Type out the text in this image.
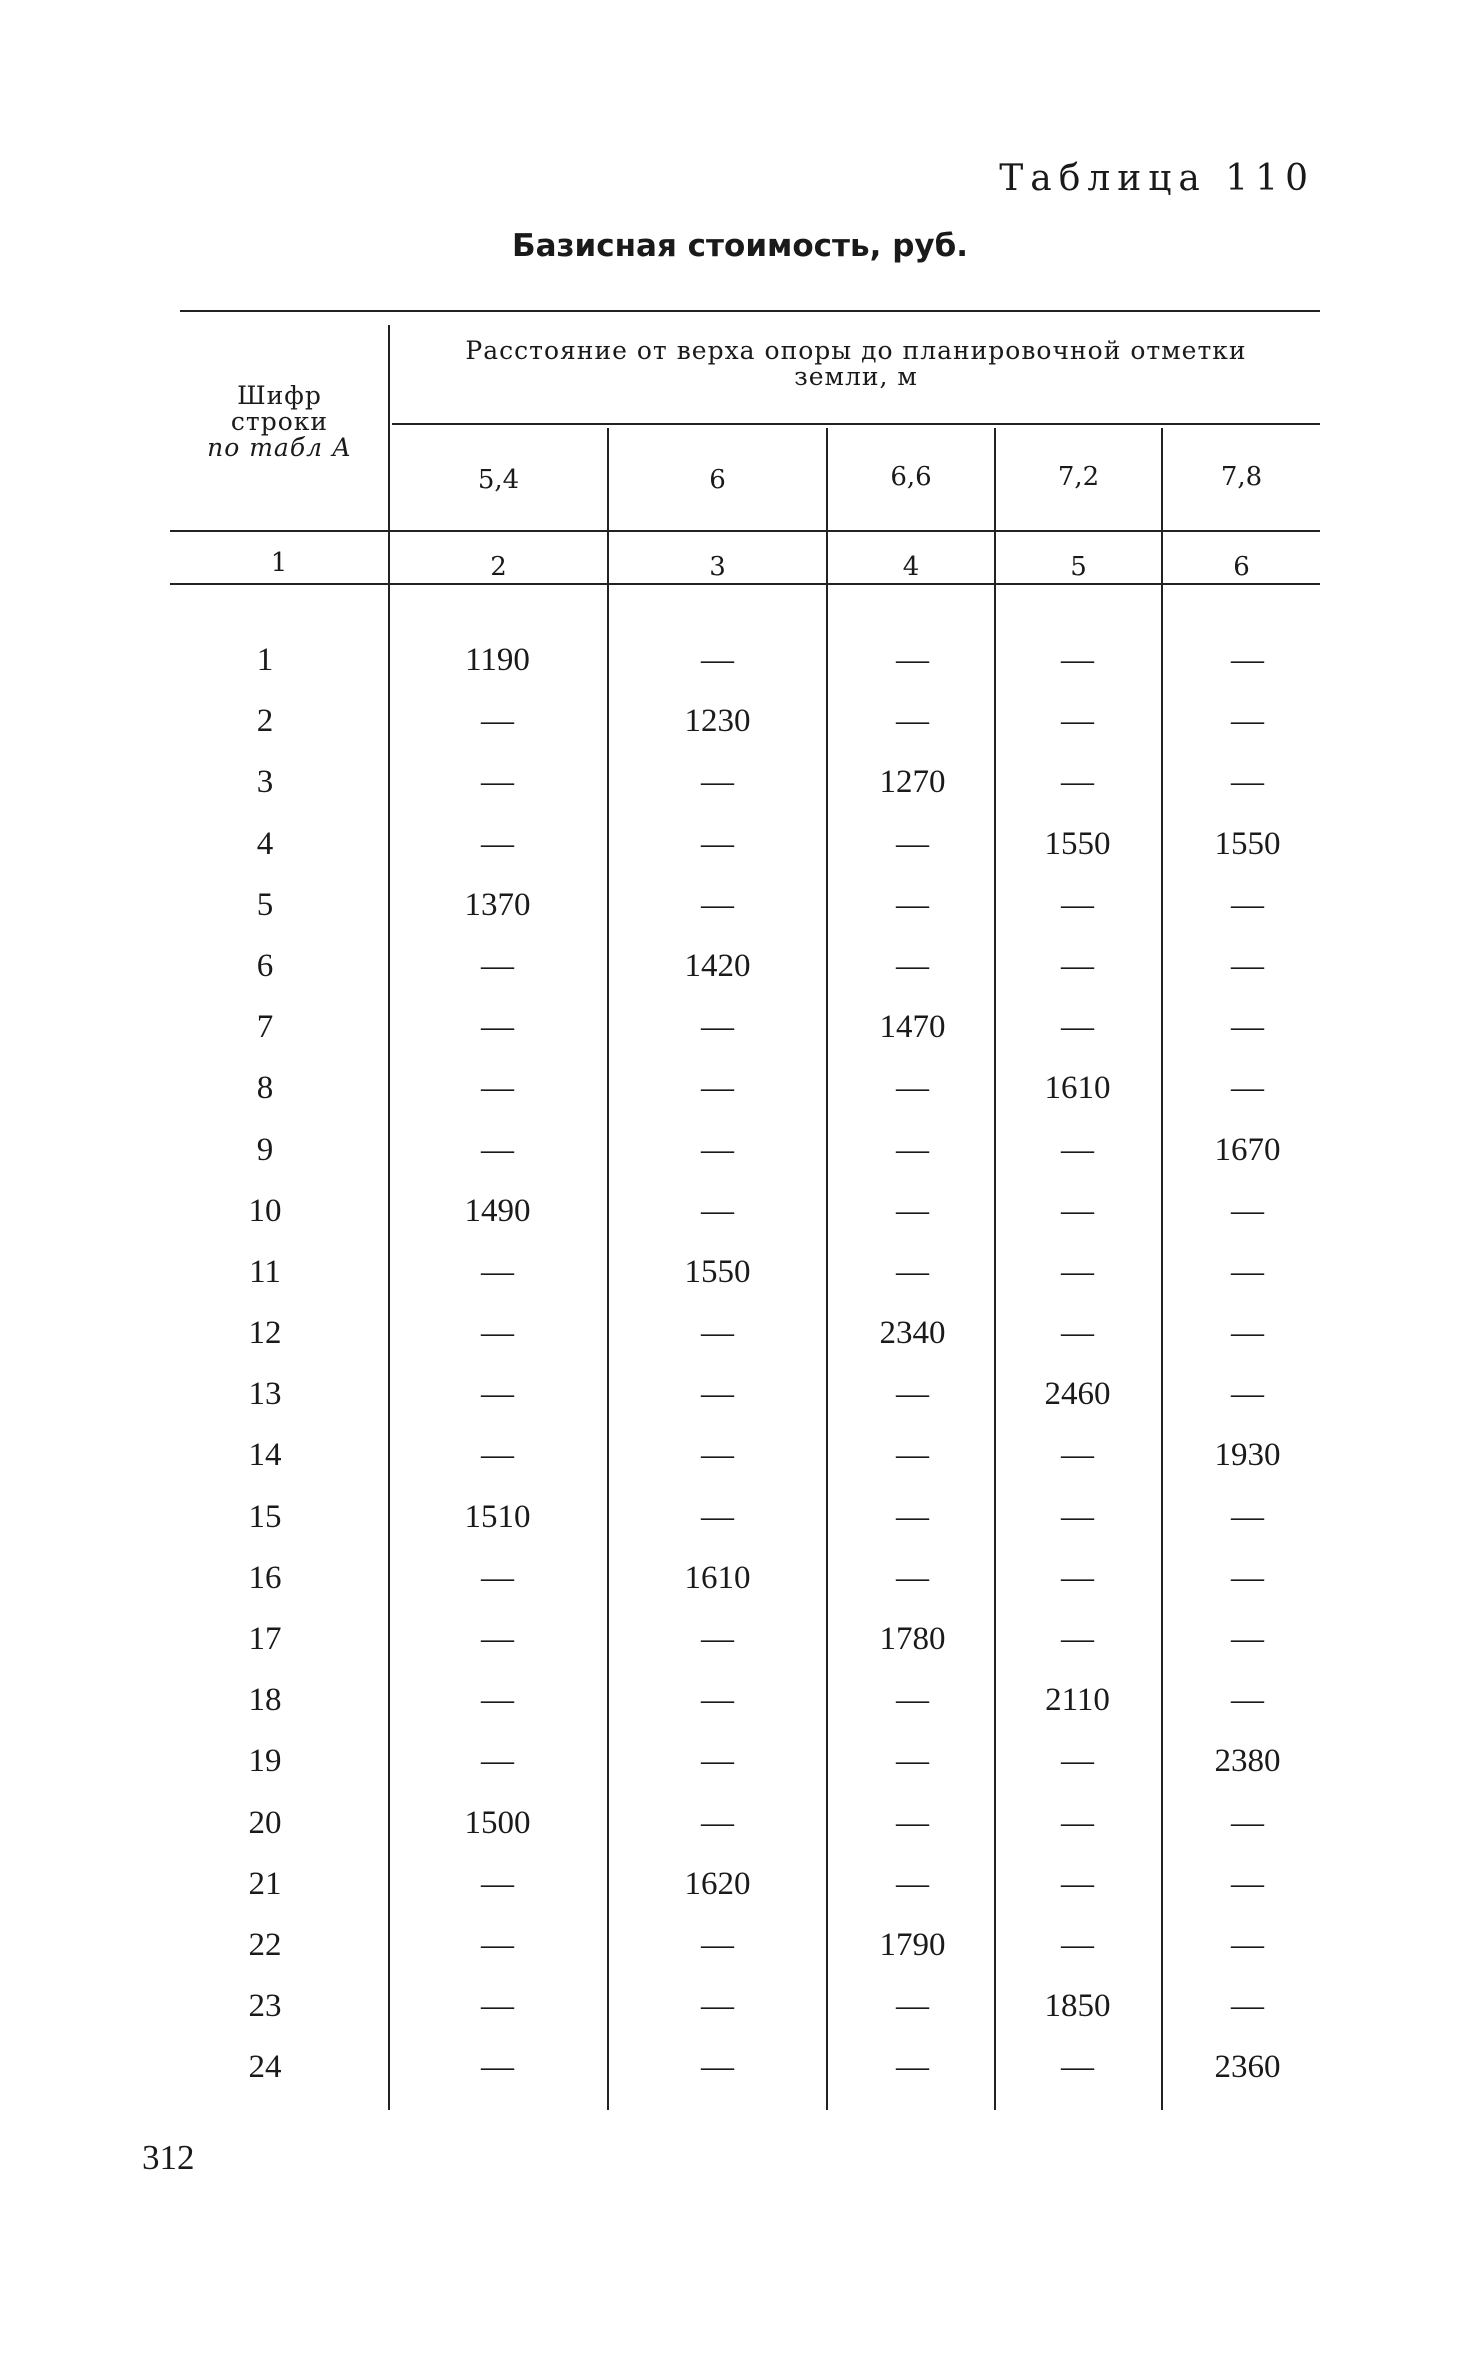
Таблица 110
Базисная стоимость, руб.
Шифр
строки
по табл А
Расстояние от верха опоры до планировочной отметки
земли, м
5,4	6	6,6	7,2	7,8
1	2	3	4	5	6
1	1190	—	—	—	—
2	—	1230	—	—	—
3	—	—	1270	—	—
4	—	—	—	1550	1550
5	1370	—	—	—	—
6	—	1420	—	—	—
7	—	—	1470	—	—
8	—	—	—	1610	—
9	—	—	—	—	1670
10	1490	—	—	—	—
11	—	1550	—	—	—
12	—	—	2340	—	—
13	—	—	—	2460	—
14	—	—	—	—	1930
15	1510	—	—	—	—
16	—	1610	—	—	—
17	—	—	1780	—	—
18	—	—	—	2110	—
19	—	—	—	—	2380
20	1500	—	—	—	—
21	—	1620	—	—	—
22	—	—	1790	—	—
23	—	—	—	1850	—
24	—	—	—	—	2360
312
